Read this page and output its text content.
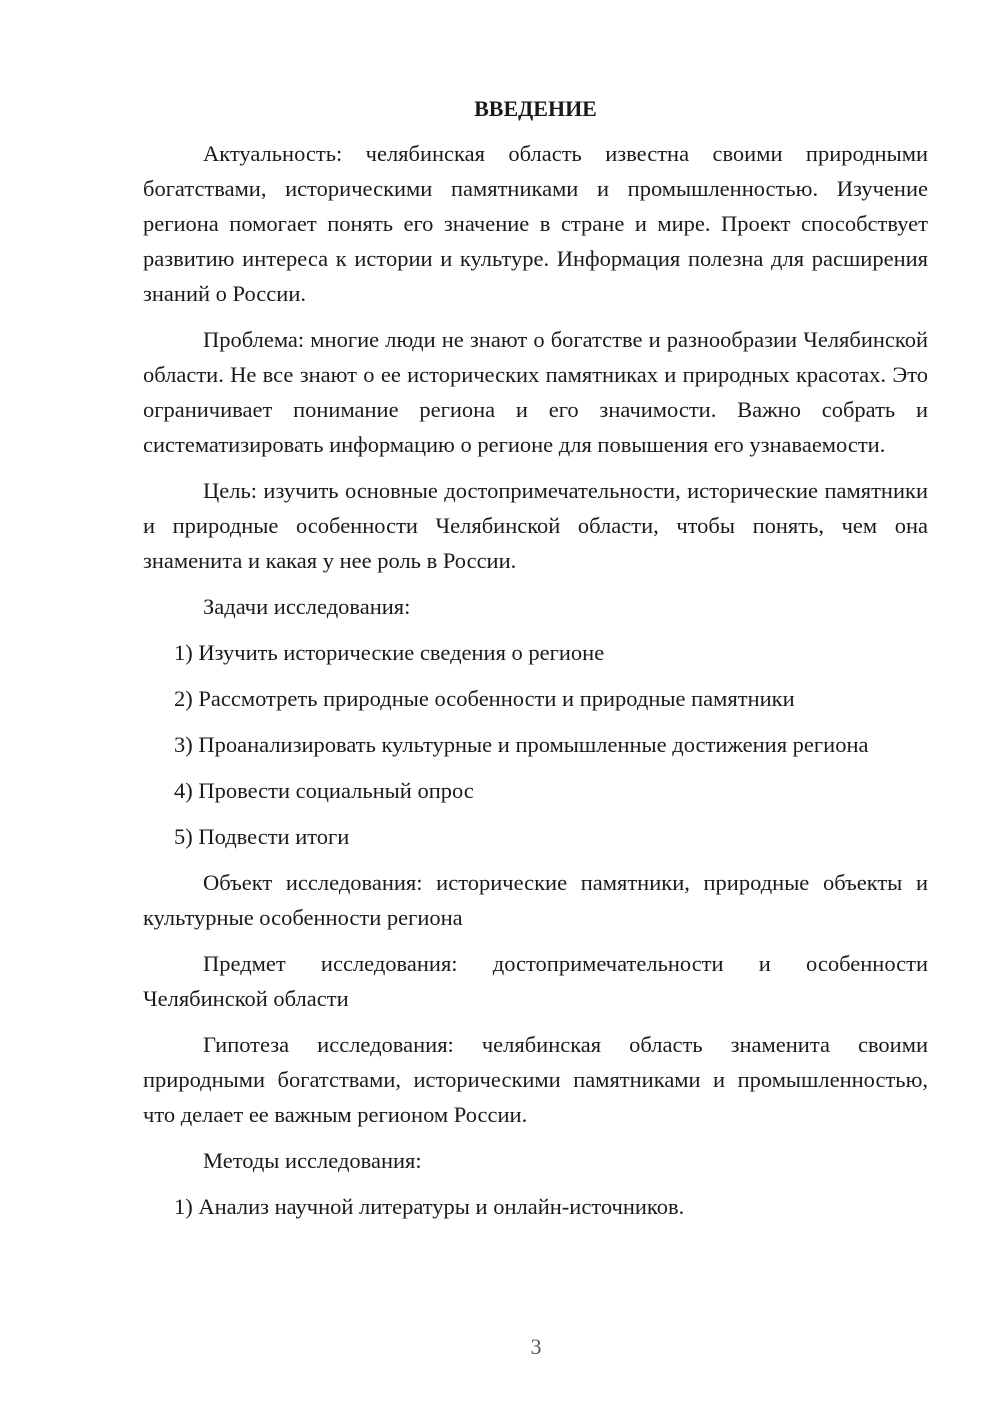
ВВЕДЕНИЕ

Актуальность: челябинская область известна своими природными богатствами, историческими памятниками и промышленностью. Изучение региона помогает понять его значение в стране и мире. Проект способствует развитию интереса к истории и культуре. Информация полезна для расширения знаний о России.

Проблема: многие люди не знают о богатстве и разнообразии Челябинской области. Не все знают о ее исторических памятниках и природных красотах. Это ограничивает понимание региона и его значимости. Важно собрать и систематизировать информацию о регионе для повышения его узнаваемости.

Цель: изучить основные достопримечательности, исторические памятники и природные особенности Челябинской области, чтобы понять, чем она знаменита и какая у нее роль в России.

Задачи исследования:

1) Изучить исторические сведения о регионе

2) Рассмотреть природные особенности и природные памятники

3) Проанализировать культурные и промышленные достижения региона

4) Провести социальный опрос

5) Подвести итоги

Объект исследования: исторические памятники, природные объекты и культурные особенности региона

Предмет исследования: достопримечательности и особенности Челябинской области

Гипотеза исследования: челябинская область знаменита своими природными богатствами, историческими памятниками и промышленностью, что делает ее важным регионом России.

Методы исследования:

1) Анализ научной литературы и онлайн-источников.

3
